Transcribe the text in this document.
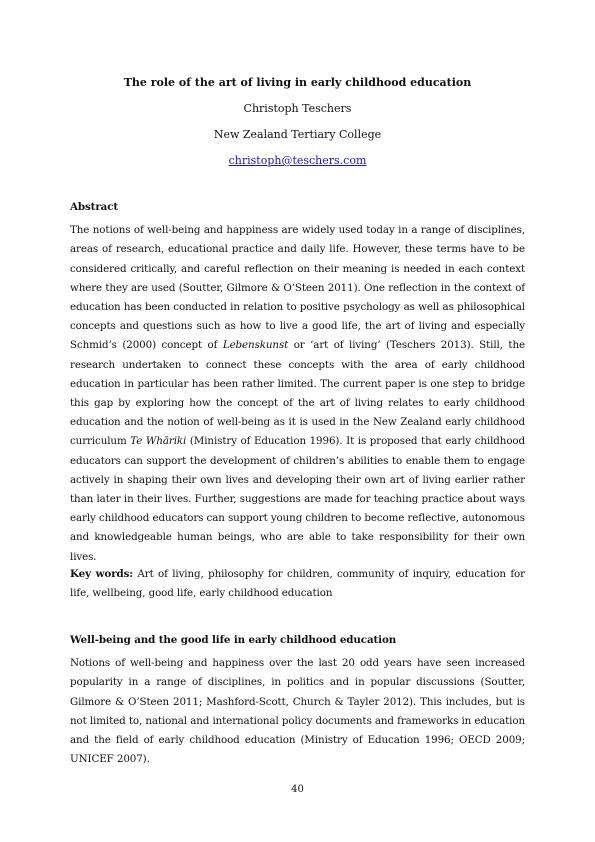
The role of the art of living in early childhood education
Christoph Teschers
New Zealand Tertiary College
christoph@teschers.com

Abstract

The notions of well-being and happiness are widely used today in a range of disciplines, areas of research, educational practice and daily life. However, these terms have to be considered critically, and careful reflection on their meaning is needed in each context where they are used (Soutter, Gilmore & O’Steen 2011). One reflection in the context of education has been conducted in relation to positive psychology as well as philosophical concepts and questions such as how to live a good life, the art of living and especially Schmid’s (2000) concept of Lebenskunst or ‘art of living’ (Teschers 2013). Still, the research undertaken to connect these concepts with the area of early childhood education in particular has been rather limited. The current paper is one step to bridge this gap by exploring how the concept of the art of living relates to early childhood education and the notion of well-being as it is used in the New Zealand early childhood curriculum Te Whāriki (Ministry of Education 1996). It is proposed that early childhood educators can support the development of children’s abilities to enable them to engage actively in shaping their own lives and developing their own art of living earlier rather than later in their lives. Further, suggestions are made for teaching practice about ways early childhood educators can support young children to become reflective, autonomous and knowledgeable human beings, who are able to take responsibility for their own lives.

Key words: Art of living, philosophy for children, community of inquiry, education for life, wellbeing, good life, early childhood education

Well-being and the good life in early childhood education

Notions of well-being and happiness over the last 20 odd years have seen increased popularity in a range of disciplines, in politics and in popular discussions (Soutter, Gilmore & O’Steen 2011; Mashford-Scott, Church & Tayler 2012). This includes, but is not limited to, national and international policy documents and frameworks in education and the field of early childhood education (Ministry of Education 1996; OECD 2009; UNICEF 2007).

40
